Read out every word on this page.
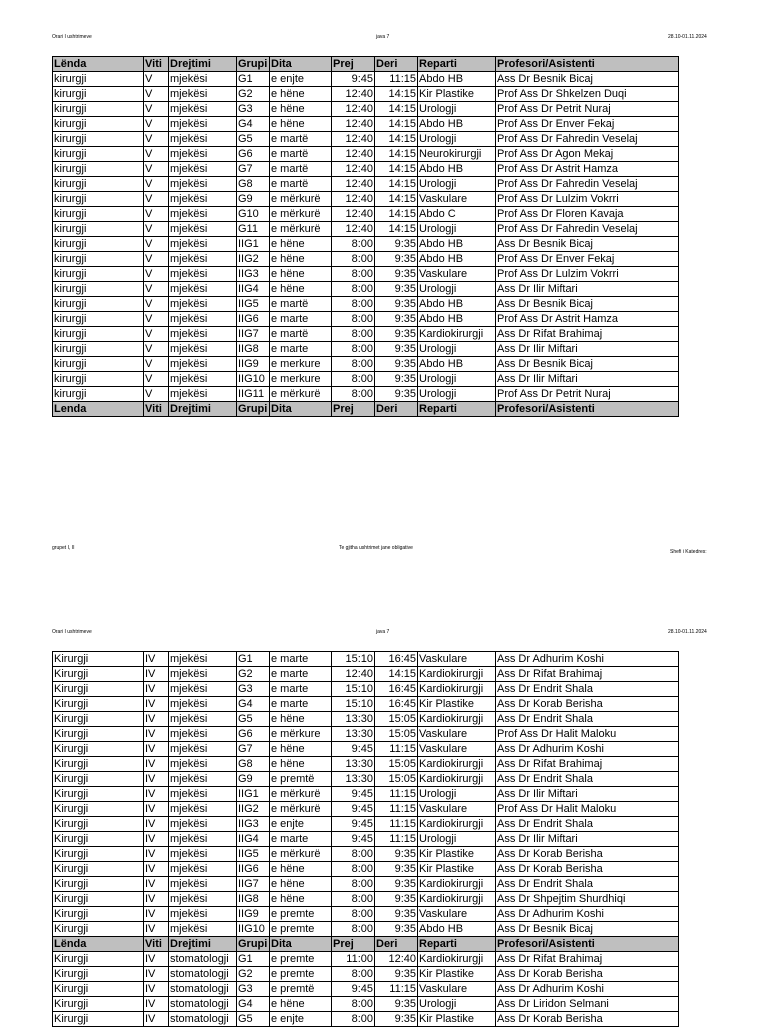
Orari I ushtrimeve	java 7	28.10-01.11.2024
Lënda	Viti	Drejtimi	Grupi	Dita	Prej	Deri	Reparti	Profesori/Asistenti
kirurgji	V	mjekësi	G1	e enjte	9:45	11:15	Abdo HB	Ass Dr Besnik Bicaj
kirurgji	V	mjekësi	G2	e hëne	12:40	14:15	Kir Plastike	Prof Ass Dr Shkelzen Duqi
kirurgji	V	mjekësi	G3	e hëne	12:40	14:15	Urologji	Prof Ass Dr Petrit Nuraj
kirurgji	V	mjekësi	G4	e hëne	12:40	14:15	Abdo HB	Prof Ass Dr Enver Fekaj
kirurgji	V	mjekësi	G5	e martë	12:40	14:15	Urologji	Prof Ass Dr Fahredin Veselaj
kirurgji	V	mjekësi	G6	e martë	12:40	14:15	Neurokirurgji	Prof Ass Dr Agon Mekaj
kirurgji	V	mjekësi	G7	e martë	12:40	14:15	Abdo HB	Prof Ass Dr Astrit Hamza
kirurgji	V	mjekësi	G8	e martë	12:40	14:15	Urologji	Prof Ass Dr Fahredin Veselaj
kirurgji	V	mjekësi	G9	e mërkurë	12:40	14:15	Vaskulare	Prof Ass Dr Lulzim Vokrri
kirurgji	V	mjekësi	G10	e mërkurë	12:40	14:15	Abdo C	Prof Ass Dr Floren Kavaja
kirurgji	V	mjekësi	G11	e mërkurë	12:40	14:15	Urologji	Prof Ass Dr Fahredin Veselaj
kirurgji	V	mjekësi	IIG1	e hëne	8:00	9:35	Abdo HB	Ass Dr Besnik Bicaj
kirurgji	V	mjekësi	IIG2	e hëne	8:00	9:35	Abdo HB	Prof Ass Dr Enver Fekaj
kirurgji	V	mjekësi	IIG3	e hëne	8:00	9:35	Vaskulare	Prof Ass Dr Lulzim Vokrri
kirurgji	V	mjekësi	IIG4	e hëne	8:00	9:35	Urologji	Ass Dr Ilir Miftari
kirurgji	V	mjekësi	IIG5	e martë	8:00	9:35	Abdo HB	Ass Dr Besnik Bicaj
kirurgji	V	mjekësi	IIG6	e marte	8:00	9:35	Abdo HB	Prof Ass Dr Astrit Hamza
kirurgji	V	mjekësi	IIG7	e martë	8:00	9:35	Kardiokirurgji	Ass Dr Rifat Brahimaj
kirurgji	V	mjekësi	IIG8	e marte	8:00	9:35	Urologji	Ass Dr Ilir Miftari
kirurgji	V	mjekësi	IIG9	e merkure	8:00	9:35	Abdo HB	Ass Dr Besnik Bicaj
kirurgji	V	mjekësi	IIG10	e merkure	8:00	9:35	Urologji	Ass Dr Ilir Miftari
kirurgji	V	mjekësi	IIG11	e mërkurë	8:00	9:35	Urologji	Prof Ass Dr Petrit Nuraj
Lenda	Viti	Drejtimi	Grupi	Dita	Prej	Deri	Reparti	Profesori/Asistenti
grupet I, II	Te gjitha ushtrimet jane obligative
Shefi i Katedres:
Orari I ushtrimeve	java 7	28.10-01.11.2024
Kirurgji	IV	mjekësi	G1	e marte	15:10	16:45	Vaskulare	Ass Dr Adhurim Koshi
Kirurgji	IV	mjekësi	G2	e marte	12:40	14:15	Kardiokirurgji	Ass Dr Rifat Brahimaj
Kirurgji	IV	mjekësi	G3	e marte	15:10	16:45	Kardiokirurgji	Ass Dr Endrit Shala
Kirurgji	IV	mjekësi	G4	e marte	15:10	16:45	Kir Plastike	Ass Dr Korab Berisha
Kirurgji	IV	mjekësi	G5	e hëne	13:30	15:05	Kardiokirurgji	Ass Dr Endrit Shala
Kirurgji	IV	mjekësi	G6	e mërkure	13:30	15:05	Vaskulare	Prof Ass Dr Halit Maloku
Kirurgji	IV	mjekësi	G7	e hëne	9:45	11:15	Vaskulare	Ass Dr Adhurim Koshi
Kirurgji	IV	mjekësi	G8	e hëne	13:30	15:05	Kardiokirurgji	Ass Dr Rifat Brahimaj
Kirurgji	IV	mjekësi	G9	e premtë	13:30	15:05	Kardiokirurgji	Ass Dr Endrit Shala
Kirurgji	IV	mjekësi	IIG1	e mërkurë	9:45	11:15	Urologji	Ass Dr Ilir Miftari
Kirurgji	IV	mjekësi	IIG2	e mërkurë	9:45	11:15	Vaskulare	Prof Ass Dr Halit Maloku
Kirurgji	IV	mjekësi	IIG3	e enjte	9:45	11:15	Kardiokirurgji	Ass Dr Endrit Shala
Kirurgji	IV	mjekësi	IIG4	e marte	9:45	11:15	Urologji	Ass Dr Ilir Miftari
Kirurgji	IV	mjekësi	IIG5	e mërkurë	8:00	9:35	Kir Plastike	Ass Dr Korab Berisha
Kirurgji	IV	mjekësi	IIG6	e hëne	8:00	9:35	Kir Plastike	Ass Dr Korab Berisha
Kirurgji	IV	mjekësi	IIG7	e hëne	8:00	9:35	Kardiokirurgji	Ass Dr Endrit Shala
Kirurgji	IV	mjekësi	IIG8	e hëne	8:00	9:35	Kardiokirurgji	Ass Dr Shpejtim Shurdhiqi
Kirurgji	IV	mjekësi	IIG9	e premte	8:00	9:35	Vaskulare	Ass Dr Adhurim Koshi
Kirurgji	IV	mjekësi	IIG10	e premte	8:00	9:35	Abdo HB	Ass Dr Besnik Bicaj
Lënda	Viti	Drejtimi	Grupi	Dita	Prej	Deri	Reparti	Profesori/Asistenti
Kirurgji	IV	stomatologji	G1	e premte	11:00	12:40	Kardiokirurgji	Ass Dr Rifat Brahimaj
Kirurgji	IV	stomatologji	G2	e premte	8:00	9:35	Kir Plastike	Ass Dr Korab Berisha
Kirurgji	IV	stomatologji	G3	e premtë	9:45	11:15	Vaskulare	Ass Dr Adhurim Koshi
Kirurgji	IV	stomatologji	G4	e hëne	8:00	9:35	Urologji	Ass Dr Liridon Selmani
Kirurgji	IV	stomatologji	G5	e enjte	8:00	9:35	Kir Plastike	Ass Dr Korab Berisha
